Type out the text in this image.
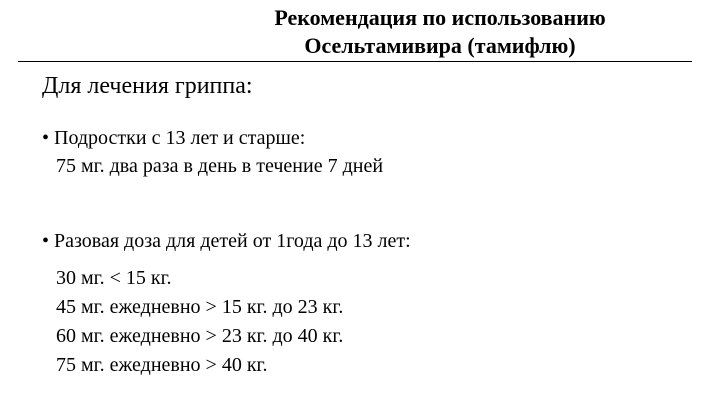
Рекомендация по использованию
Осельтамивира (тамифлю)
Для лечения гриппа:
• Подростки с 13 лет и старше:
75 мг. два раза в день в течение 7 дней
• Разовая доза для детей от 1года до 13 лет:
30 мг. < 15 кг.
45 мг. ежедневно > 15 кг. до 23 кг.
60 мг. ежедневно > 23 кг. до 40 кг.
75 мг. ежедневно > 40 кг.
